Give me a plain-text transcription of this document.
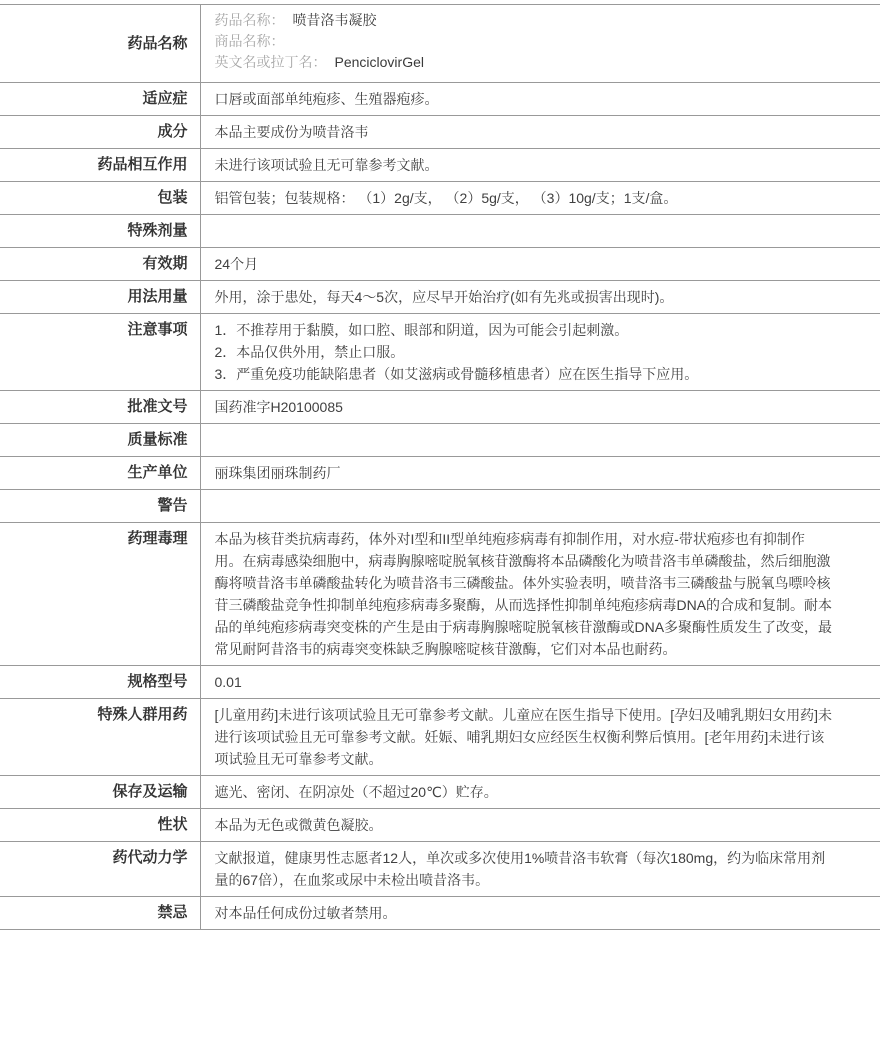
药品名称	药品名称： 喷昔洛韦凝胶
商品名称：
英文名或拉丁名： PenciclovirGel

适应症	口唇或面部单纯疱疹、生殖器疱疹。

成分	本品主要成份为喷昔洛韦

药品相互作用	未进行该项试验且无可靠参考文献。

包装	铝管包装；包装规格： （1）2g/支， （2）5g/支， （3）10g/支；1支/盒。

特殊剂量	

有效期	24个月

用法用量	外用，涂于患处，每天4～5次，应尽早开始治疗(如有先兆或损害出现时)。

注意事项	1．不推荐用于黏膜，如口腔、眼部和阴道，因为可能会引起刺激。
2．本品仅供外用，禁止口服。
3．严重免疫功能缺陷患者（如艾滋病或骨髓移植患者）应在医生指导下应用。

批准文号	国药准字H20100085

质量标准	

生产单位	丽珠集团丽珠制药厂

警告	

药理毒理	本品为核苷类抗病毒药，体外对I型和II型单纯疱疹病毒有抑制作用，对水痘-带状疱疹也有抑制作用。在病毒感染细胞中，病毒胸腺嘧啶脱氧核苷激酶将本品磷酸化为喷昔洛韦单磷酸盐，然后细胞激酶将喷昔洛韦单磷酸盐转化为喷昔洛韦三磷酸盐。体外实验表明，喷昔洛韦三磷酸盐与脱氧鸟嘌呤核苷三磷酸盐竞争性抑制单纯疱疹病毒多聚酶，从而选择性抑制单纯疱疹病毒DNA的合成和复制。耐本品的单纯疱疹病毒突变株的产生是由于病毒胸腺嘧啶脱氧核苷激酶或DNA多聚酶性质发生了改变，最常见耐阿昔洛韦的病毒突变株缺乏胸腺嘧啶核苷激酶，它们对本品也耐药。

规格型号	0.01

特殊人群用药	[儿童用药]未进行该项试验且无可靠参考文献。儿童应在医生指导下使用。[孕妇及哺乳期妇女用药]未进行该项试验且无可靠参考文献。妊娠、哺乳期妇女应经医生权衡利弊后慎用。[老年用药]未进行该项试验且无可靠参考文献。

保存及运输	遮光、密闭、在阴凉处（不超过20℃）贮存。

性状	本品为无色或微黄色凝胶。

药代动力学	文献报道，健康男性志愿者12人，单次或多次使用1%喷昔洛韦软膏（每次180mg，约为临床常用剂量的67倍），在血浆或尿中未检出喷昔洛韦。

禁忌	对本品任何成份过敏者禁用。
